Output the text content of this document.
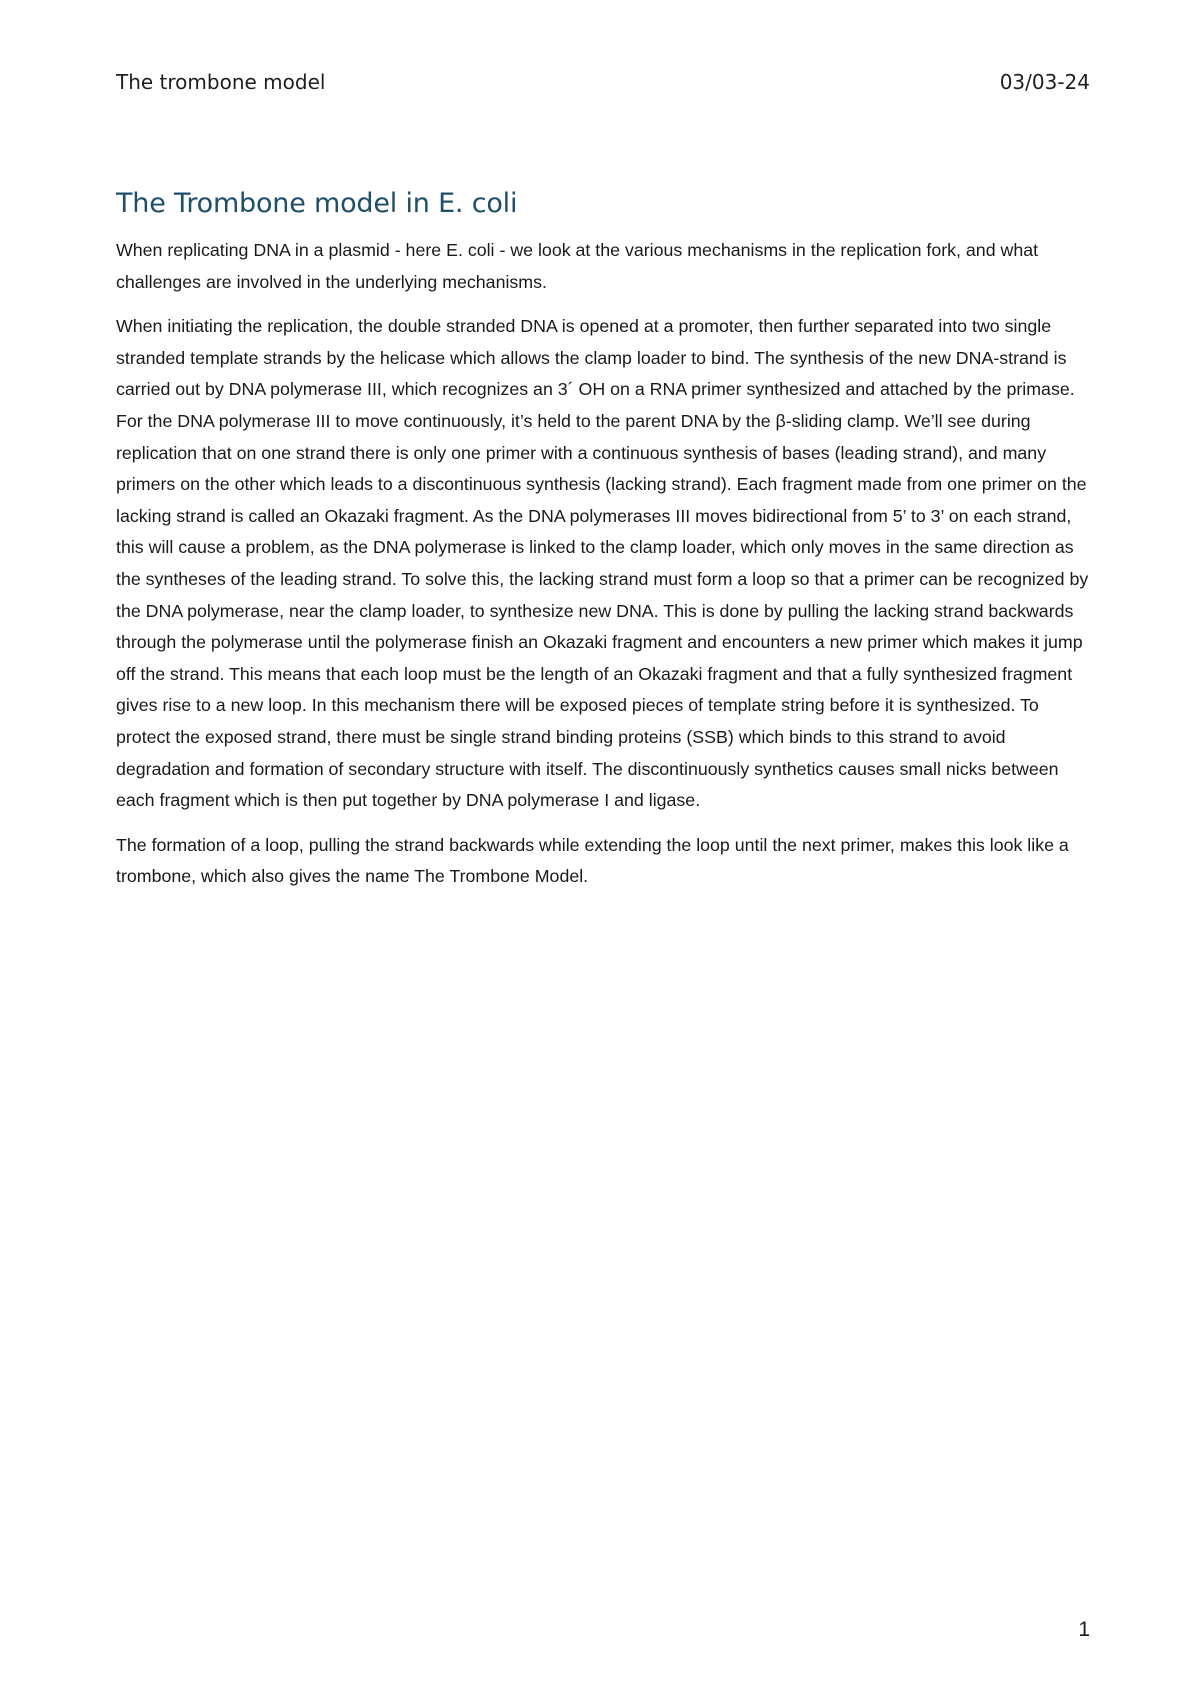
The trombone model	03/03-24
The Trombone model in E. coli

When replicating DNA in a plasmid - here E. coli - we look at the various mechanisms in the replication fork, and what challenges are involved in the underlying mechanisms.

When initiating the replication, the double stranded DNA is opened at a promoter, then further separated into two single stranded template strands by the helicase which allows the clamp loader to bind. The synthesis of the new DNA-strand is carried out by DNA polymerase III, which recognizes an 3´ OH on a RNA primer synthesized and attached by the primase. For the DNA polymerase III to move continuously, it’s held to the parent DNA by the β-sliding clamp. We’ll see during replication that on one strand there is only one primer with a continuous synthesis of bases (leading strand), and many primers on the other which leads to a discontinuous synthesis (lacking strand). Each fragment made from one primer on the lacking strand is called an Okazaki fragment. As the DNA polymerases III moves bidirectional from 5’ to 3’ on each strand, this will cause a problem, as the DNA polymerase is linked to the clamp loader, which only moves in the same direction as the syntheses of the leading strand. To solve this, the lacking strand must form a loop so that a primer can be recognized by the DNA polymerase, near the clamp loader, to synthesize new DNA. This is done by pulling the lacking strand backwards through the polymerase until the polymerase finish an Okazaki fragment and encounters a new primer which makes it jump off the strand. This means that each loop must be the length of an Okazaki fragment and that a fully synthesized fragment gives rise to a new loop. In this mechanism there will be exposed pieces of template string before it is synthesized. To protect the exposed strand, there must be single strand binding proteins (SSB) which binds to this strand to avoid degradation and formation of secondary structure with itself. The discontinuously synthetics causes small nicks between each fragment which is then put together by DNA polymerase I and ligase.

The formation of a loop, pulling the strand backwards while extending the loop until the next primer, makes this look like a trombone, which also gives the name The Trombone Model.

1
